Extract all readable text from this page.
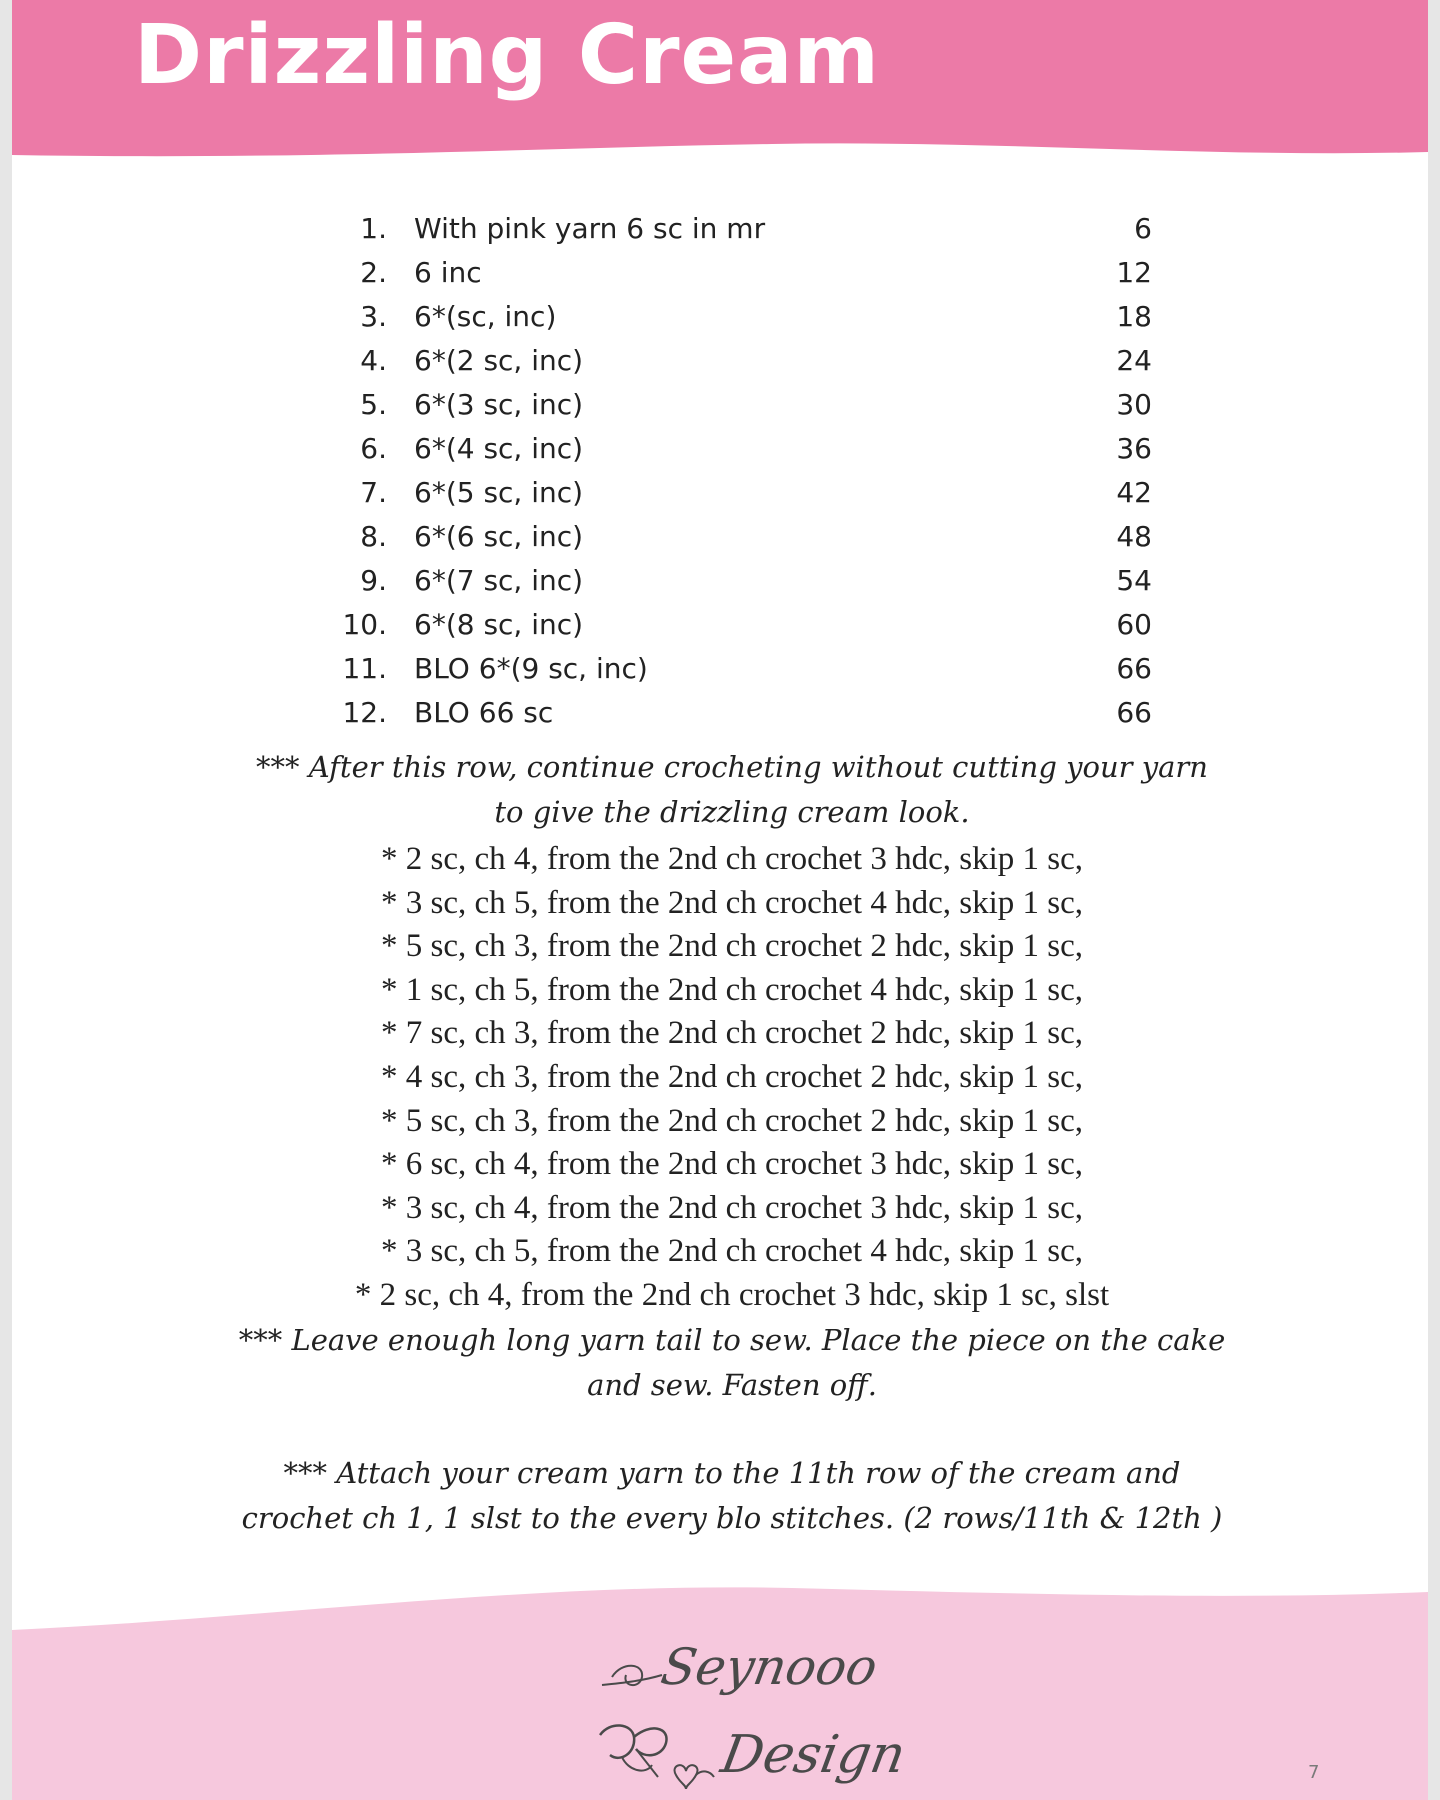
Drizzling Cream
1. With pink yarn 6 sc in mr	6
2. 6 inc	12
3. 6*(sc, inc)	18
4. 6*(2 sc, inc)	24
5. 6*(3 sc, inc)	30
6. 6*(4 sc, inc)	36
7. 6*(5 sc, inc)	42
8. 6*(6 sc, inc)	48
9. 6*(7 sc, inc)	54
10. 6*(8 sc, inc)	60
11. BLO 6*(9 sc, inc)	66
12. BLO 66 sc	66

*** After this row, continue crocheting without cutting your yarn
to give the drizzling cream look.

* 2 sc, ch 4, from the 2nd ch crochet 3 hdc, skip 1 sc,
* 3 sc, ch 5, from the 2nd ch crochet 4 hdc, skip 1 sc,
* 5 sc, ch 3, from the 2nd ch crochet 2 hdc, skip 1 sc,
* 1 sc, ch 5, from the 2nd ch crochet 4 hdc, skip 1 sc,
* 7 sc, ch 3, from the 2nd ch crochet 2 hdc, skip 1 sc,
* 4 sc, ch 3, from the 2nd ch crochet 2 hdc, skip 1 sc,
* 5 sc, ch 3, from the 2nd ch crochet 2 hdc, skip 1 sc,
* 6 sc, ch 4, from the 2nd ch crochet 3 hdc, skip 1 sc,
* 3 sc, ch 4, from the 2nd ch crochet 3 hdc, skip 1 sc,
* 3 sc, ch 5, from the 2nd ch crochet 4 hdc, skip 1 sc,
* 2 sc, ch 4, from the 2nd ch crochet 3 hdc, skip 1 sc, slst

*** Leave enough long yarn tail to sew. Place the piece on the cake
and sew. Fasten off.

*** Attach your cream yarn to the 11th row of the cream and
crochet ch 1, 1 slst to the every blo stitches. (2 rows/11th & 12th )

Seynooo

Design	7
